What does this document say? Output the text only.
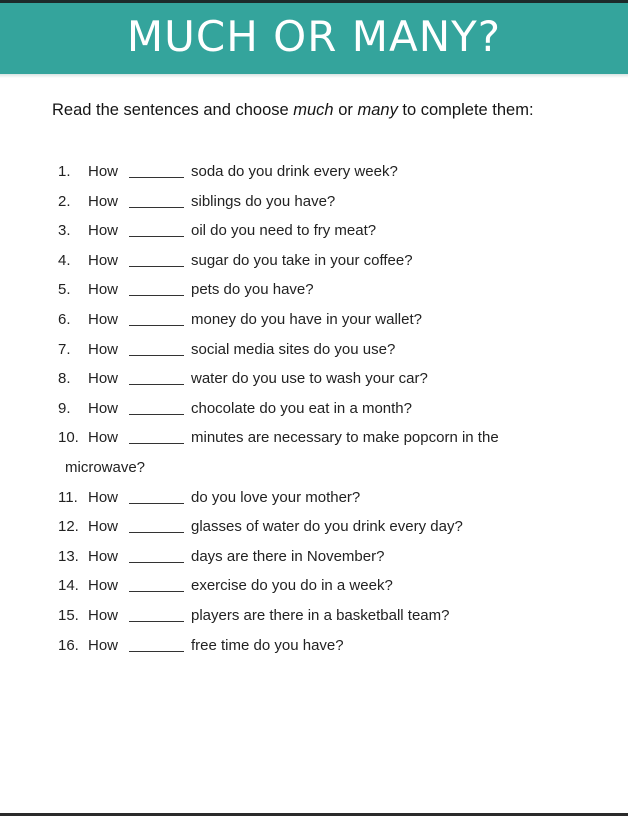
MUCH OR MANY?
Read the sentences and choose much or many to complete them:
1. How	soda do you drink every week?
2. How	siblings do you have?
3. How	oil do you need to fry meat?
4. How	sugar do you take in your coffee?
5. How	pets do you have?
6. How	money do you have in your wallet?
7. How	social media sites do you use?
8. How	water do you use to wash your car?
9. How	chocolate do you eat in a month?
10. How	minutes are necessary to make popcorn in the
microwave?
11. How	do you love your mother?
12. How	glasses of water do you drink every day?
13. How	days are there in November?
14. How	exercise do you do in a week?
15. How	players are there in a basketball team?
16. How	free time do you have?
